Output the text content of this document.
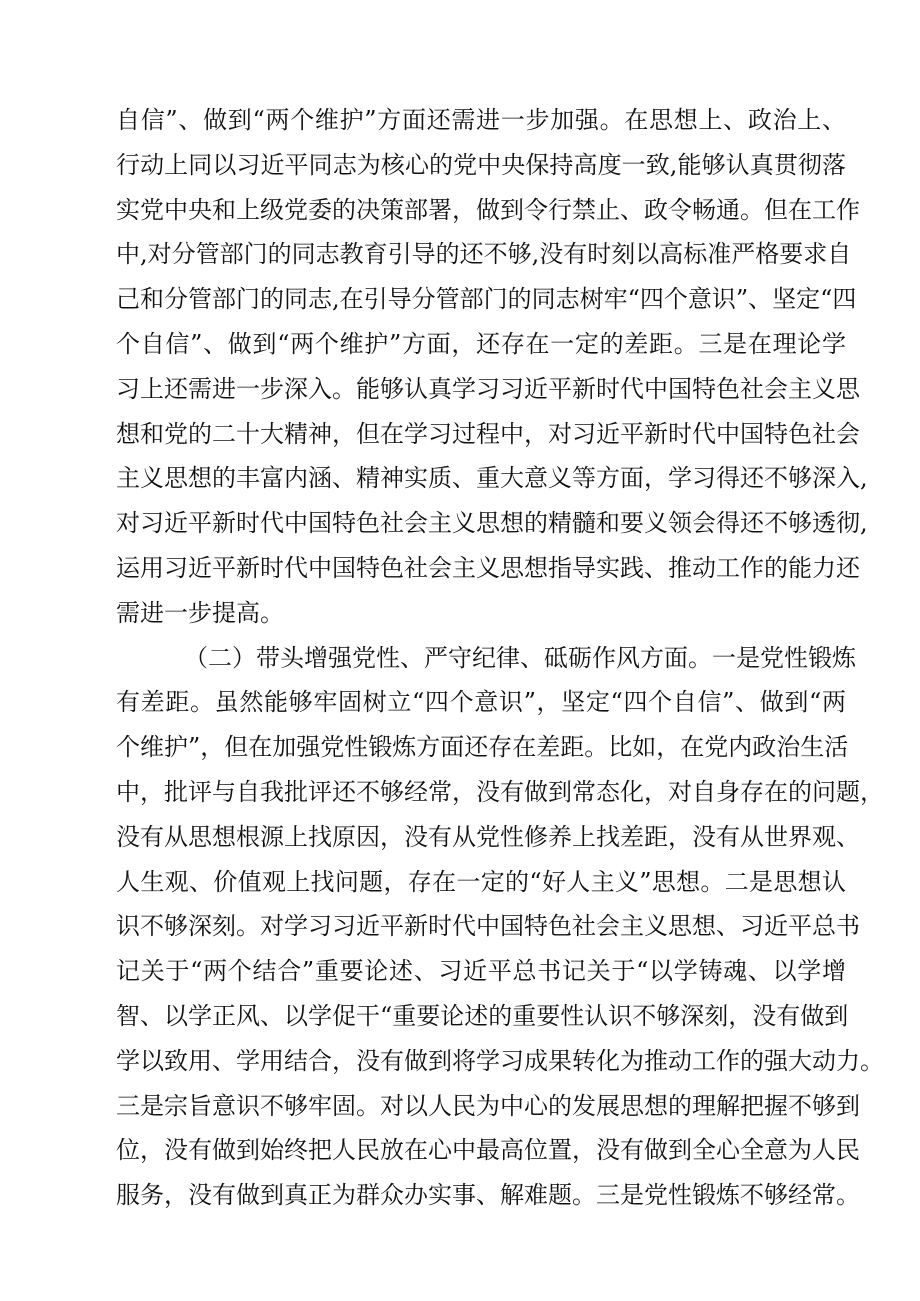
自信”、做到“两个维护”方面还需进一步加强。在思想上、政治上、
行动上同以习近平同志为核心的党中央保持高度一致,能够认真贯彻落
实党中央和上级党委的决策部署，做到令行禁止、政令畅通。但在工作
中,对分管部门的同志教育引导的还不够,没有时刻以高标准严格要求自
己和分管部门的同志,在引导分管部门的同志树牢“四个意识”、坚定“四
个自信”、做到“两个维护”方面，还存在一定的差距。三是在理论学
习上还需进一步深入。能够认真学习习近平新时代中国特色社会主义思
想和党的二十大精神，但在学习过程中，对习近平新时代中国特色社会
主义思想的丰富内涵、精神实质、重大意义等方面，学习得还不够深入,
对习近平新时代中国特色社会主义思想的精髓和要义领会得还不够透彻,
运用习近平新时代中国特色社会主义思想指导实践、推动工作的能力还
需进一步提高。
（二）带头增强党性、严守纪律、砥砺作风方面。一是党性锻炼
有差距。虽然能够牢固树立“四个意识”，坚定“四个自信”、做到“两
个维护”，但在加强党性锻炼方面还存在差距。比如，在党内政治生活
中，批评与自我批评还不够经常，没有做到常态化，对自身存在的问题，
没有从思想根源上找原因，没有从党性修养上找差距，没有从世界观、
人生观、价值观上找问题，存在一定的“好人主义”思想。二是思想认
识不够深刻。对学习习近平新时代中国特色社会主义思想、习近平总书
记关于“两个结合”重要论述、习近平总书记关于“以学铸魂、以学增
智、以学正风、以学促干“重要论述的重要性认识不够深刻，没有做到
学以致用、学用结合，没有做到将学习成果转化为推动工作的强大动力。
三是宗旨意识不够牢固。对以人民为中心的发展思想的理解把握不够到
位，没有做到始终把人民放在心中最高位置，没有做到全心全意为人民
服务，没有做到真正为群众办实事、解难题。三是党性锻炼不够经常。
